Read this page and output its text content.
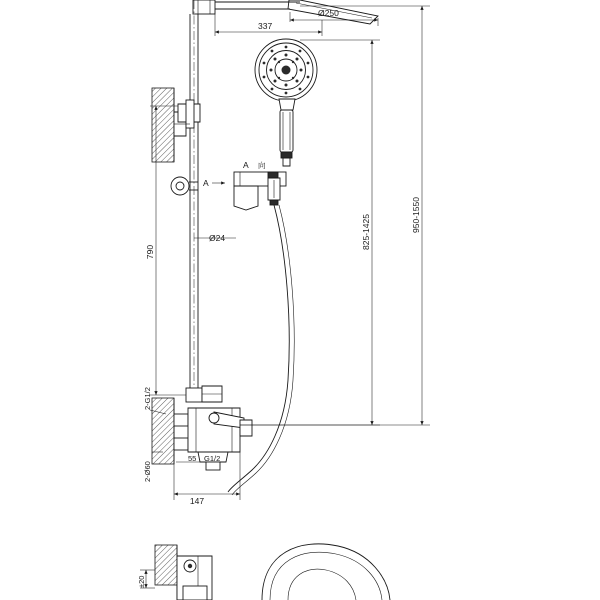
Ø250
337
A
A 向
950-1550
825-1425
790
Ø24
2-G1/2
2-Ø60
55 G1/2
147
±20
